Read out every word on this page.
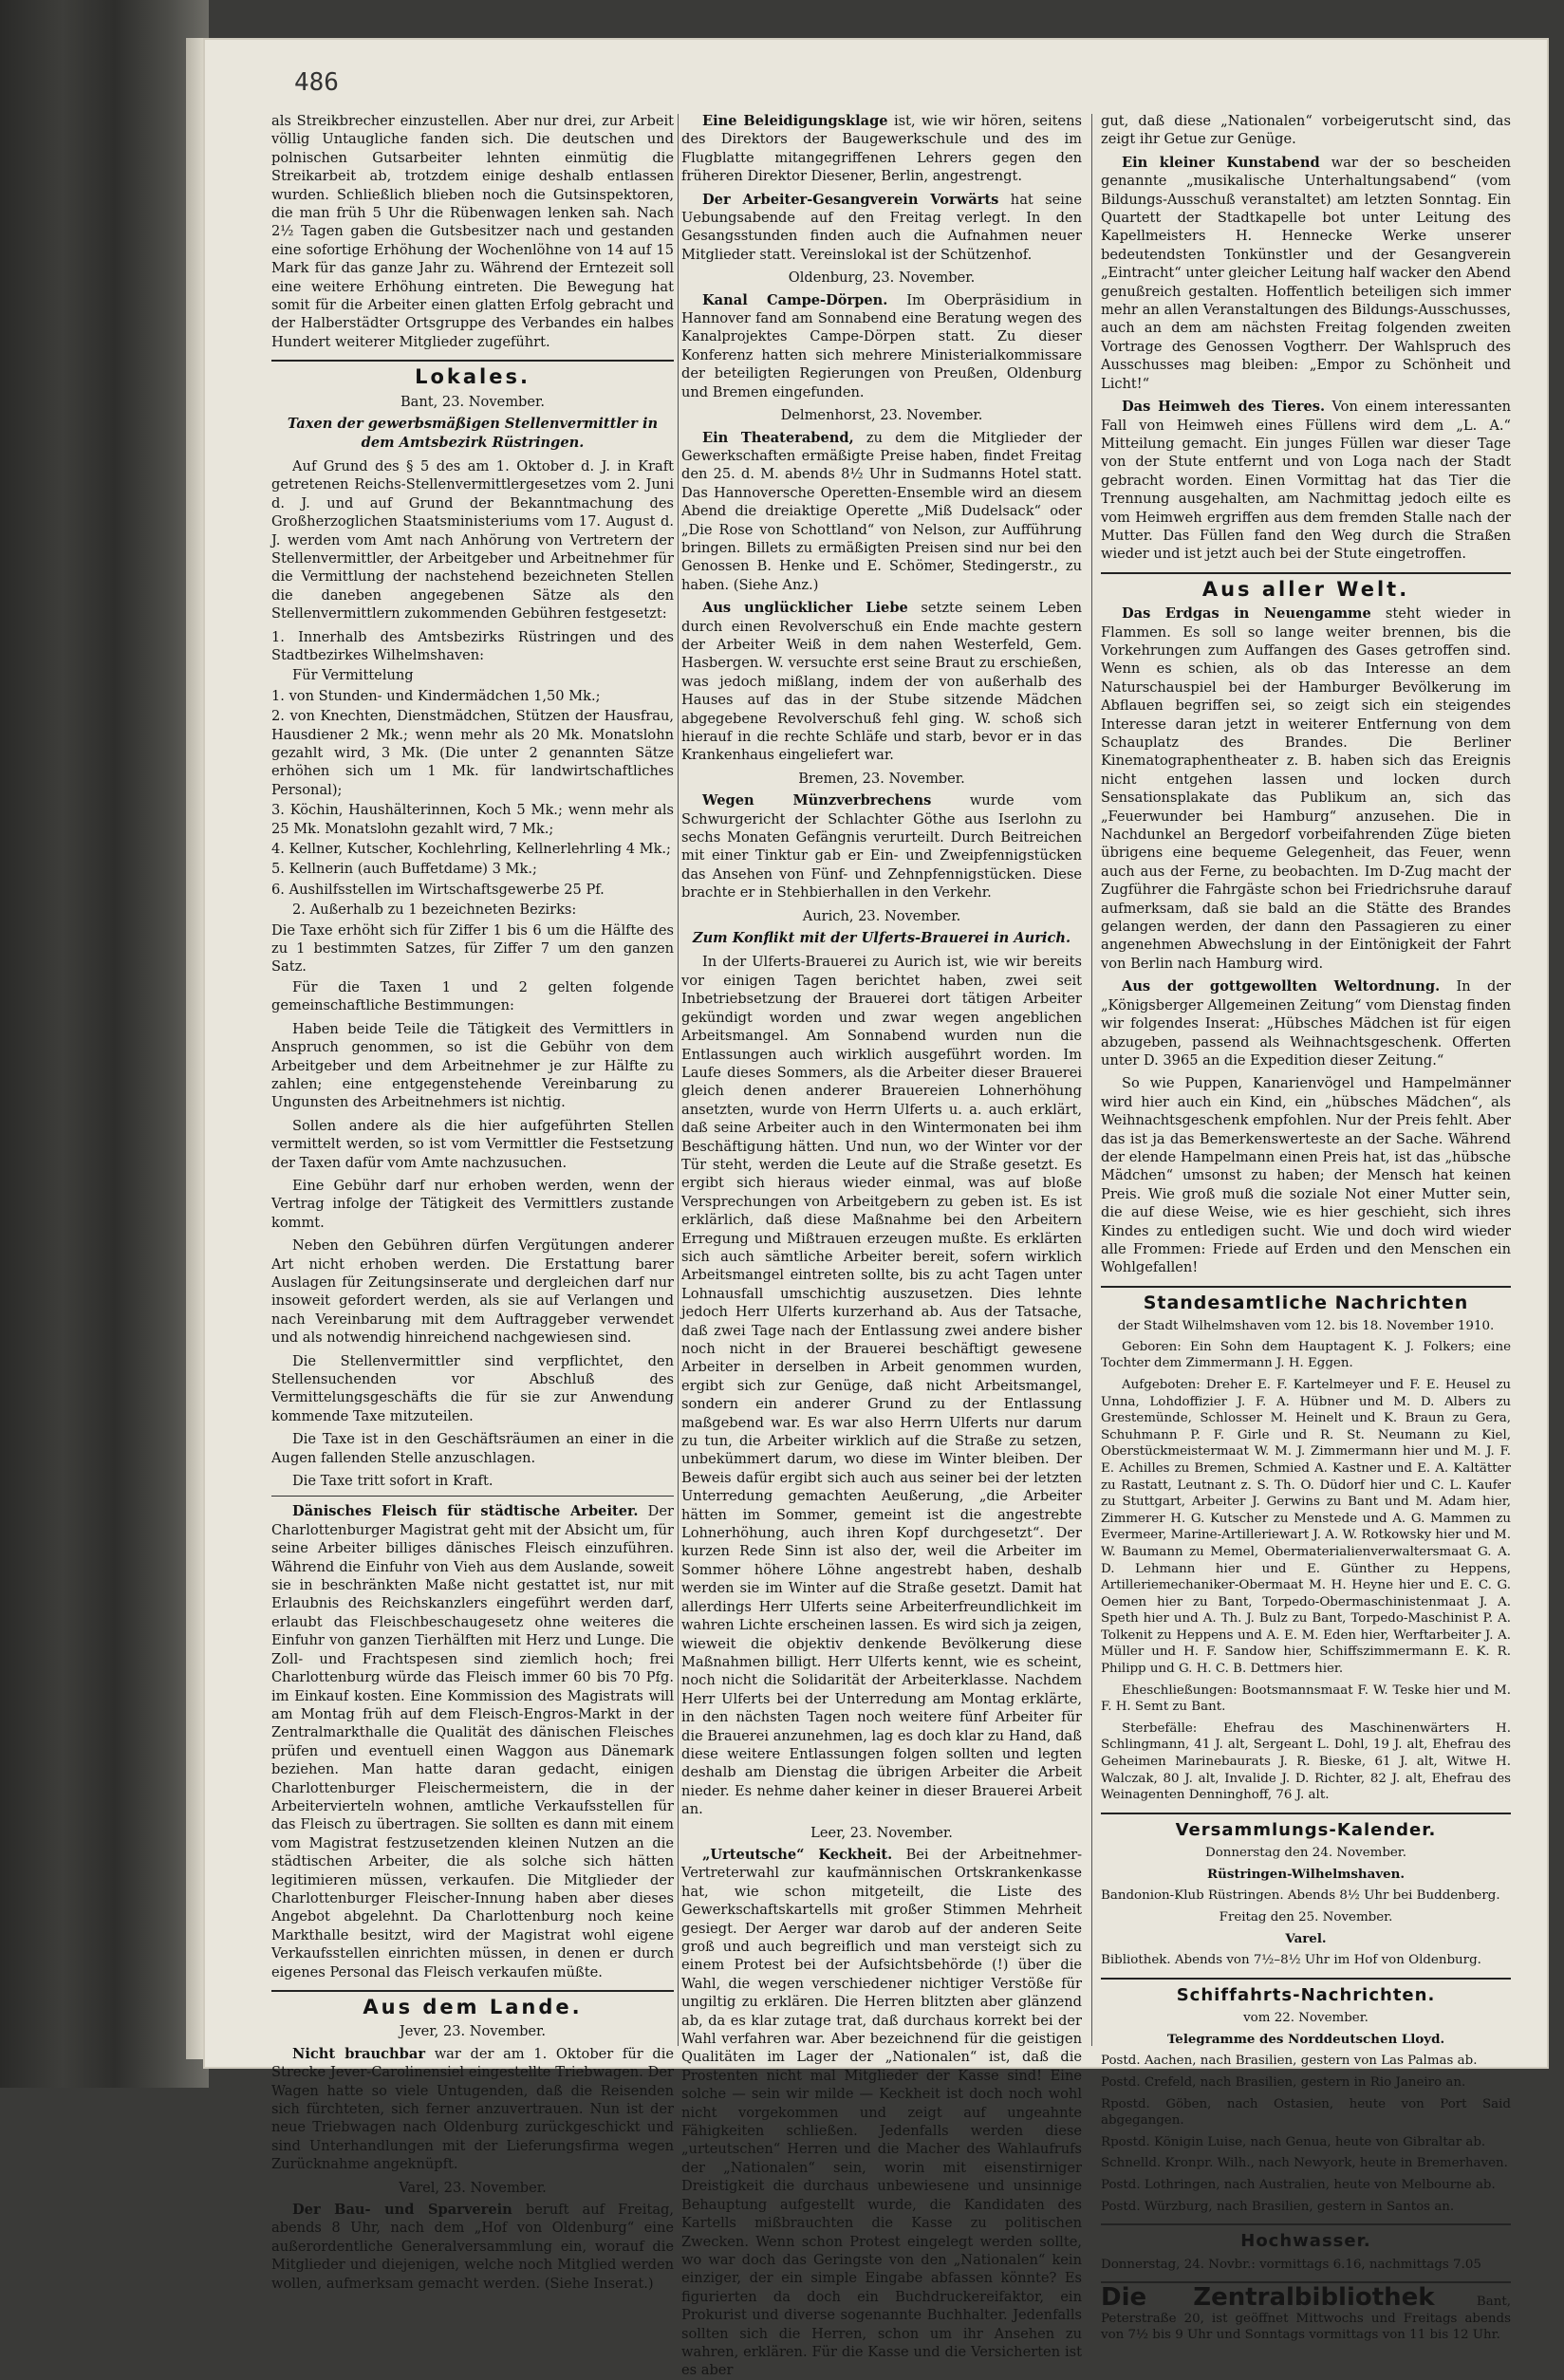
486

als Streikbrecher einzustellen. Aber nur drei, zur Arbeit völlig Untaugliche fanden sich. Die deutschen und polnischen Gutsarbeiter lehnten einmütig die Streikarbeit ab, trotzdem einige deshalb entlassen wurden. Schließlich blieben noch die Gutsinspektoren, die man früh 5 Uhr die Rübenwagen lenken sah. Nach 2½ Tagen gaben die Gutsbesitzer nach und gestanden eine sofortige Erhöhung der Wochenlöhne von 14 auf 15 Mark für das ganze Jahr zu. Während der Erntezeit soll eine weitere Erhöhung eintreten. Die Bewegung hat somit für die Arbeiter einen glatten Erfolg gebracht und der Halberstädter Ortsgruppe des Verbandes ein halbes Hundert weiterer Mitglieder zugeführt.

Lokales.

Bant, 23. November.

Taxen der gewerbsmäßigen Stellenvermittler in dem Amtsbezirk Rüstringen.

Auf Grund des § 5 des am 1. Oktober d. J. in Kraft getretenen Reichs-Stellenvermittlergesetzes vom 2. Juni d. J. und auf Grund der Bekanntmachung des Großherzoglichen Staatsministeriums vom 17. August d. J. werden vom Amt nach Anhörung von Vertretern der Stellenvermittler, der Arbeitgeber und Arbeitnehmer für die Vermittlung der nachstehend bezeichneten Stellen die daneben angegebenen Sätze als den Stellenvermittlern zukommenden Gebühren festgesetzt:

1. Innerhalb des Amtsbezirks Rüstringen und des Stadtbezirkes Wilhelmshaven:

Für Vermittelung

1. von Stunden- und Kindermädchen 1,50 Mk.;

2. von Knechten, Dienstmädchen, Stützen der Hausfrau, Hausdiener 2 Mk.; wenn mehr als 20 Mk. Monatslohn gezahlt wird, 3 Mk. (Die unter 2 genannten Sätze erhöhen sich um 1 Mk. für landwirtschaftliches Personal);

3. Köchin, Haushälterinnen, Koch 5 Mk.; wenn mehr als 25 Mk. Monatslohn gezahlt wird, 7 Mk.;

4. Kellner, Kutscher, Kochlehrling, Kellnerlehrling 4 Mk.;

5. Kellnerin (auch Buffetdame) 3 Mk.;

6. Aushilfsstellen im Wirtschaftsgewerbe 25 Pf.

2. Außerhalb zu 1 bezeichneten Bezirks:

Die Taxe erhöht sich für Ziffer 1 bis 6 um die Hälfte des zu 1 bestimmten Satzes, für Ziffer 7 um den ganzen Satz.

Für die Taxen 1 und 2 gelten folgende gemeinschaftliche Bestimmungen:

Haben beide Teile die Tätigkeit des Vermittlers in Anspruch genommen, so ist die Gebühr von dem Arbeitgeber und dem Arbeitnehmer je zur Hälfte zu zahlen; eine entgegenstehende Vereinbarung zu Ungunsten des Arbeitnehmers ist nichtig.

Sollen andere als die hier aufgeführten Stellen vermittelt werden, so ist vom Vermittler die Festsetzung der Taxen dafür vom Amte nachzusuchen.

Eine Gebühr darf nur erhoben werden, wenn der Vertrag infolge der Tätigkeit des Vermittlers zustande kommt.

Neben den Gebühren dürfen Vergütungen anderer Art nicht erhoben werden. Die Erstattung barer Auslagen für Zeitungsinserate und dergleichen darf nur insoweit gefordert werden, als sie auf Verlangen und nach Vereinbarung mit dem Auftraggeber verwendet und als notwendig hinreichend nachgewiesen sind.

Die Stellenvermittler sind verpflichtet, den Stellensuchenden vor Abschluß des Vermittelungsgeschäfts die für sie zur Anwendung kommende Taxe mitzuteilen.

Die Taxe ist in den Geschäftsräumen an einer in die Augen fallenden Stelle anzuschlagen.

Die Taxe tritt sofort in Kraft.

Dänisches Fleisch für städtische Arbeiter. Der Charlottenburger Magistrat geht mit der Absicht um, für seine Arbeiter billiges dänisches Fleisch einzuführen. Während die Einfuhr von Vieh aus dem Auslande, soweit sie in beschränkten Maße nicht gestattet ist, nur mit Erlaubnis des Reichskanzlers eingeführt werden darf, erlaubt das Fleischbeschaugesetz ohne weiteres die Einfuhr von ganzen Tierhälften mit Herz und Lunge. Die Zoll- und Frachtspesen sind ziemlich hoch; frei Charlottenburg würde das Fleisch immer 60 bis 70 Pfg. im Einkauf kosten. Eine Kommission des Magistrats will am Montag früh auf dem Fleisch-Engros-Markt in der Zentralmarkthalle die Qualität des dänischen Fleisches prüfen und eventuell einen Waggon aus Dänemark beziehen. Man hatte daran gedacht, einigen Charlottenburger Fleischermeistern, die in der Arbeitervierteln wohnen, amtliche Verkaufsstellen für das Fleisch zu übertragen. Sie sollten es dann mit einem vom Magistrat festzusetzenden kleinen Nutzen an die städtischen Arbeiter, die als solche sich hätten legitimieren müssen, verkaufen. Die Mitglieder der Charlottenburger Fleischer-Innung haben aber dieses Angebot abgelehnt. Da Charlottenburg noch keine Markthalle besitzt, wird der Magistrat wohl eigene Verkaufsstellen einrichten müssen, in denen er durch eigenes Personal das Fleisch verkaufen müßte.

Aus dem Lande.

Jever, 23. November.

Nicht brauchbar war der am 1. Oktober für die Strecke Jever-Carolinensiel eingestellte Triebwagen. Der Wagen hatte so viele Untugenden, daß die Reisenden sich fürchteten, sich ferner anzuvertrauen. Nun ist der neue Triebwagen nach Oldenburg zurückgeschickt und sind Unterhandlungen mit der Lieferungsfirma wegen Zurücknahme angeknüpft.

Varel, 23. November.

Der Bau- und Sparverein beruft auf Freitag, abends 8 Uhr, nach dem „Hof von Oldenburg“ eine außerordentliche Generalversammlung ein, worauf die Mitglieder und diejenigen, welche noch Mitglied werden wollen, aufmerksam gemacht werden. (Siehe Inserat.)

Eine Beleidigungsklage ist, wie wir hören, seitens des Direktors der Baugewerkschule und des im Flugblatte mitangegriffenen Lehrers gegen den früheren Direktor Diesener, Berlin, angestrengt.

Der Arbeiter-Gesangverein Vorwärts hat seine Uebungsabende auf den Freitag verlegt. In den Gesangsstunden finden auch die Aufnahmen neuer Mitglieder statt. Vereinslokal ist der Schützenhof.

Oldenburg, 23. November.

Kanal Campe-Dörpen. Im Oberpräsidium in Hannover fand am Sonnabend eine Beratung wegen des Kanalprojektes Campe-Dörpen statt. Zu dieser Konferenz hatten sich mehrere Ministerialkommissare der beteiligten Regierungen von Preußen, Oldenburg und Bremen eingefunden.

Delmenhorst, 23. November.

Ein Theaterabend, zu dem die Mitglieder der Gewerkschaften ermäßigte Preise haben, findet Freitag den 25. d. M. abends 8½ Uhr in Sudmanns Hotel statt. Das Hannoversche Operetten-Ensemble wird an diesem Abend die dreiaktige Operette „Miß Dudelsack“ oder „Die Rose von Schottland“ von Nelson, zur Aufführung bringen. Billets zu ermäßigten Preisen sind nur bei den Genossen B. Henke und E. Schömer, Stedingerstr., zu haben. (Siehe Anz.)

Aus unglücklicher Liebe setzte seinem Leben durch einen Revolverschuß ein Ende machte gestern der Arbeiter Weiß in dem nahen Westerfeld, Gem. Hasbergen. W. versuchte erst seine Braut zu erschießen, was jedoch mißlang, indem der von außerhalb des Hauses auf das in der Stube sitzende Mädchen abgegebene Revolverschuß fehl ging. W. schoß sich hierauf in die rechte Schläfe und starb, bevor er in das Krankenhaus eingeliefert war.

Bremen, 23. November.

Wegen Münzverbrechens	wurde vom Schwurgericht der Schlachter Göthe aus Iserlohn zu sechs Monaten Gefängnis verurteilt. Durch Beitreichen mit einer Tinktur gab er Ein- und Zweipfennigstücken das Ansehen von Fünf- und Zehnpfennigstücken. Diese brachte er in Stehbierhallen in den Verkehr.

Aurich, 23. November.

Zum Konflikt mit der Ulferts-Brauerei in Aurich.

In der Ulferts-Brauerei zu Aurich ist, wie wir bereits vor einigen Tagen berichtet haben, zwei seit Inbetriebsetzung der Brauerei dort tätigen Arbeiter gekündigt worden und zwar wegen angeblichen Arbeitsmangel. Am Sonnabend wurden nun die Entlassungen auch wirklich ausgeführt worden. Im Laufe dieses Sommers, als die Arbeiter dieser Brauerei gleich denen anderer Brauereien Lohnerhöhung ansetzten, wurde von Herrn Ulferts u. a. auch erklärt, daß seine Arbeiter auch in den Wintermonaten bei ihm Beschäftigung hätten. Und nun, wo der Winter vor der Tür steht, werden die Leute auf die Straße gesetzt. Es ergibt sich hieraus wieder einmal, was auf bloße Versprechungen von Arbeitgebern zu geben ist. Es ist erklärlich, daß diese Maßnahme bei den Arbeitern Erregung und Mißtrauen erzeugen mußte. Es erklärten sich auch sämtliche Arbeiter bereit, sofern wirklich Arbeitsmangel eintreten sollte, bis zu acht Tagen unter Lohnausfall umschichtig auszusetzen. Dies lehnte jedoch Herr Ulferts kurzerhand ab. Aus der Tatsache, daß zwei Tage nach der Entlassung zwei andere bisher noch nicht in der Brauerei beschäftigt gewesene Arbeiter in derselben in Arbeit genommen wurden, ergibt sich zur Genüge, daß nicht Arbeitsmangel, sondern ein anderer Grund zu der Entlassung maßgebend war. Es war also Herrn Ulferts nur darum zu tun, die Arbeiter wirklich auf die Straße zu setzen, unbekümmert darum, wo diese im Winter bleiben. Der Beweis dafür ergibt sich auch aus seiner bei der letzten Unterredung gemachten Aeußerung, „die Arbeiter hätten im Sommer, gemeint ist die angestrebte Lohnerhöhung, auch ihren Kopf durchgesetzt“. Der kurzen Rede Sinn ist also der, weil die Arbeiter im Sommer höhere Löhne angestrebt haben, deshalb werden sie im Winter auf die Straße gesetzt. Damit hat allerdings Herr Ulferts seine Arbeiterfreundlichkeit im wahren Lichte erscheinen lassen. Es wird sich ja zeigen, wieweit die objektiv denkende Bevölkerung diese Maßnahmen billigt. Herr Ulferts kennt, wie es scheint, noch nicht die Solidarität der Arbeiterklasse. Nachdem Herr Ulferts bei der Unterredung am Montag erklärte, in den nächsten Tagen noch weitere fünf Arbeiter für die Brauerei anzunehmen, lag es doch klar zu Hand, daß diese weitere Entlassungen folgen sollten und legten deshalb am Dienstag die übrigen Arbeiter die Arbeit nieder. Es nehme daher keiner in dieser Brauerei Arbeit an.

Leer, 23. November.

„Urteutsche“ Keckheit. Bei der Arbeitnehmer-Vertreterwahl zur kaufmännischen Ortskrankenkasse hat, wie schon mitgeteilt, die Liste des Gewerkschaftskartells mit großer Stimmen Mehrheit gesiegt. Der Aerger war darob auf der anderen Seite groß und auch begreiflich und man versteigt sich zu einem Protest bei der Aufsichtsbehörde (!) über die Wahl, die wegen verschiedener nichtiger Verstöße für ungiltig zu erklären. Die Herren blitzten aber glänzend ab, da es klar zutage trat, daß durchaus korrekt bei der Wahl verfahren war. Aber bezeichnend für die geistigen Qualitäten im Lager der „Nationalen“ ist, daß die Prostenten nicht mal Mitglieder der Kasse sind! Eine solche — sein wir milde — Keckheit ist doch noch wohl nicht vorgekommen und zeigt auf ungeahnte Fähigkeiten schließen. Jedenfalls werden diese „urteutschen“ Herren und die Macher des Wahlaufrufs der „Nationalen“ sein, worin mit eisenstirniger Dreistigkeit die durchaus unbewiesene und unsinnige Behauptung aufgestellt wurde, die Kandidaten des Kartells mißbrauchten die Kasse zu politischen Zwecken. Wenn schon Protest eingelegt werden sollte, wo war doch das Geringste von den „Nationalen“ kein einziger, der ein simple Eingabe abfassen könnte? Es figurierten da doch ein Buchdruckereifaktor, ein Prokurist und diverse sogenannte Buchhalter. Jedenfalls sollten sich die Herren, schon um ihr Ansehen zu wahren, erklären. Für die Kasse und die Versicherten ist es aber

gut, daß diese „Nationalen“ vorbeigerutscht sind, das zeigt ihr Getue zur Genüge.

Ein kleiner Kunstabend war der so bescheiden genannte „musikalische Unterhaltungsabend“ (vom Bildungs-Ausschuß veranstaltet) am letzten Sonntag. Ein Quartett der Stadtkapelle bot unter Leitung des Kapellmeisters H. Hennecke Werke unserer bedeutendsten Tonkünstler und der Gesangverein „Eintracht“ unter gleicher Leitung half wacker den Abend genußreich gestalten. Hoffentlich beteiligen sich immer mehr an allen Veranstaltungen des Bildungs-Ausschusses, auch an dem am nächsten Freitag folgenden zweiten Vortrage des Genossen Vogtherr. Der Wahlspruch des Ausschusses mag bleiben: „Empor zu Schönheit und Licht!“

Das Heimweh des Tieres. Von einem interessanten Fall von Heimweh eines Füllens wird dem „L. A.“ Mitteilung gemacht. Ein junges Füllen war dieser Tage von der Stute entfernt und von Loga nach der Stadt gebracht worden. Einen Vormittag hat das Tier die Trennung ausgehalten, am Nachmittag jedoch eilte es vom Heimweh ergriffen aus dem fremden Stalle nach der Mutter. Das Füllen fand den Weg durch die Straßen wieder und ist jetzt auch bei der Stute eingetroffen.

Aus aller Welt.

Das Erdgas in Neuengamme steht wieder in Flammen. Es soll so lange weiter brennen, bis die Vorkehrungen zum Auffangen des Gases getroffen sind. Wenn es schien, als ob das Interesse an dem Naturschauspiel bei der Hamburger Bevölkerung im Abflauen begriffen sei, so zeigt sich ein steigendes Interesse daran jetzt in weiterer Entfernung von dem Schauplatz des Brandes. Die Berliner Kinematographentheater z. B. haben sich das Ereignis nicht entgehen lassen und locken durch Sensationsplakate das Publikum an, sich das „Feuerwunder bei Hamburg“ anzusehen. Die in Nachdunkel an Bergedorf vorbeifahrenden Züge bieten übrigens eine bequeme Gelegenheit, das Feuer, wenn auch aus der Ferne, zu beobachten. Im D-Zug macht der Zugführer die Fahrgäste schon bei Friedrichsruhe darauf aufmerksam, daß sie bald an die Stätte des Brandes gelangen werden, der dann den Passagieren zu einer angenehmen Abwechslung in der Eintönigkeit der Fahrt von Berlin nach Hamburg wird.

Aus der gottgewollten Weltordnung. In der „Königsberger Allgemeinen Zeitung“ vom Dienstag finden wir folgendes Inserat: „Hübsches Mädchen ist für eigen abzugeben, passend als Weihnachtsgeschenk. Offerten unter D. 3965 an die Expedition dieser Zeitung.“

So wie Puppen, Kanarienvögel und Hampelmänner wird hier auch ein Kind, ein „hübsches Mädchen“, als Weihnachtsgeschenk empfohlen. Nur der Preis fehlt. Aber das ist ja das Bemerkenswerteste an der Sache. Während der elende Hampelmann einen Preis hat, ist das „hübsche Mädchen“ umsonst zu haben; der Mensch hat keinen Preis. Wie groß muß die soziale Not einer Mutter sein, die auf diese Weise, wie es hier geschieht, sich ihres Kindes zu entledigen sucht. Wie und doch wird wieder alle Frommen: Friede auf Erden und den Menschen ein Wohlgefallen!

Standesamtliche Nachrichten

der Stadt Wilhelmshaven vom 12. bis 18. November 1910.

Geboren: Ein Sohn dem Hauptagent K. J. Folkers; eine Tochter dem Zimmermann J. H. Eggen.

Aufgeboten: Dreher E. F. Kartelmeyer und F. E. Heusel zu Unna, Lohdoffizier J. F. A. Hübner und M. D. Albers zu Grestemünde, Schlosser M. Heinelt und K. Braun zu Gera, Schuhmann P. F. Girle und R. St. Neumann zu Kiel, Oberstückmeistermaat W. M. J. Zimmermann hier und M. J. F. E. Achilles zu Bremen, Schmied A. Kastner und E. A. Kaltätter zu Rastatt, Leutnant z. S. Th. O. Düdorf hier und C. L. Kaufer zu Stuttgart, Arbeiter J. Gerwins zu Bant und M. Adam hier, Zimmerer H. G. Kutscher zu Menstede und A. G. Mammen zu Evermeer, Marine-Artilleriewart J. A. W. Rotkowsky hier und M. W. Baumann zu Memel, Obermaterialienverwaltersmaat G. A. D. Lehmann hier und E. Günther zu Heppens, Artilleriemechaniker-Obermaat M. H. Heyne hier und E. C. G. Oemen hier zu Bant, Torpedo-Obermaschinistenmaat J. A. Speth hier und A. Th. J. Bulz zu Bant, Torpedo-Maschinist P. A. Tolkenit zu Heppens und A. E. M. Eden hier, Werftarbeiter J. A. Müller und H. F. Sandow hier, Schiffszimmermann E. K. R. Philipp und G. H. C. B. Dettmers hier.

Eheschließungen: Bootsmannsmaat F. W. Teske hier und M. F. H. Semt zu Bant.

Sterbefälle: Ehefrau des Maschinenwärters H. Schlingmann, 41 J. alt, Sergeant L. Dohl, 19 J. alt, Ehefrau des Geheimen Marinebaurats J. R. Bieske, 61 J. alt, Witwe H. Walczak, 80 J. alt, Invalide J. D. Richter, 82 J. alt, Ehefrau des Weinagenten Denninghoff, 76 J. alt.

Versammlungs-Kalender.

Donnerstag den 24. November.

Rüstringen-Wilhelmshaven.

Bandonion-Klub Rüstringen. Abends 8½ Uhr bei Buddenberg.

Freitag den 25. November.

Varel.

Bibliothek. Abends von 7½–8½ Uhr im Hof von Oldenburg.

Schiffahrts-Nachrichten.

vom 22. November.

Telegramme des Norddeutschen Lloyd.

Postd. Aachen, nach Brasilien, gestern von Las Palmas ab.

Postd. Crefeld, nach Brasilien, gestern in Rio Janeiro an.

Rpostd. Göben, nach Ostasien, heute von Port Said abgegangen.

Rpostd. Königin Luise, nach Genua, heute von Gibraltar ab.

Schnelld. Kronpr. Wilh., nach Newyork, heute in Bremerhaven.

Postd. Lothringen, nach Australien, heute von Melbourne ab.

Postd. Würzburg, nach Brasilien, gestern in Santos an.

Hochwasser.

Donnerstag, 24. Novbr.: vormittags 6.16, nachmittags 7.05

Die Zentralbibliothek	Bant, Peterstraße 20, ist geöffnet Mittwochs und Freitags abends von 7½ bis 9 Uhr und Sonntags vormittags von 11 bis 12 Uhr.
